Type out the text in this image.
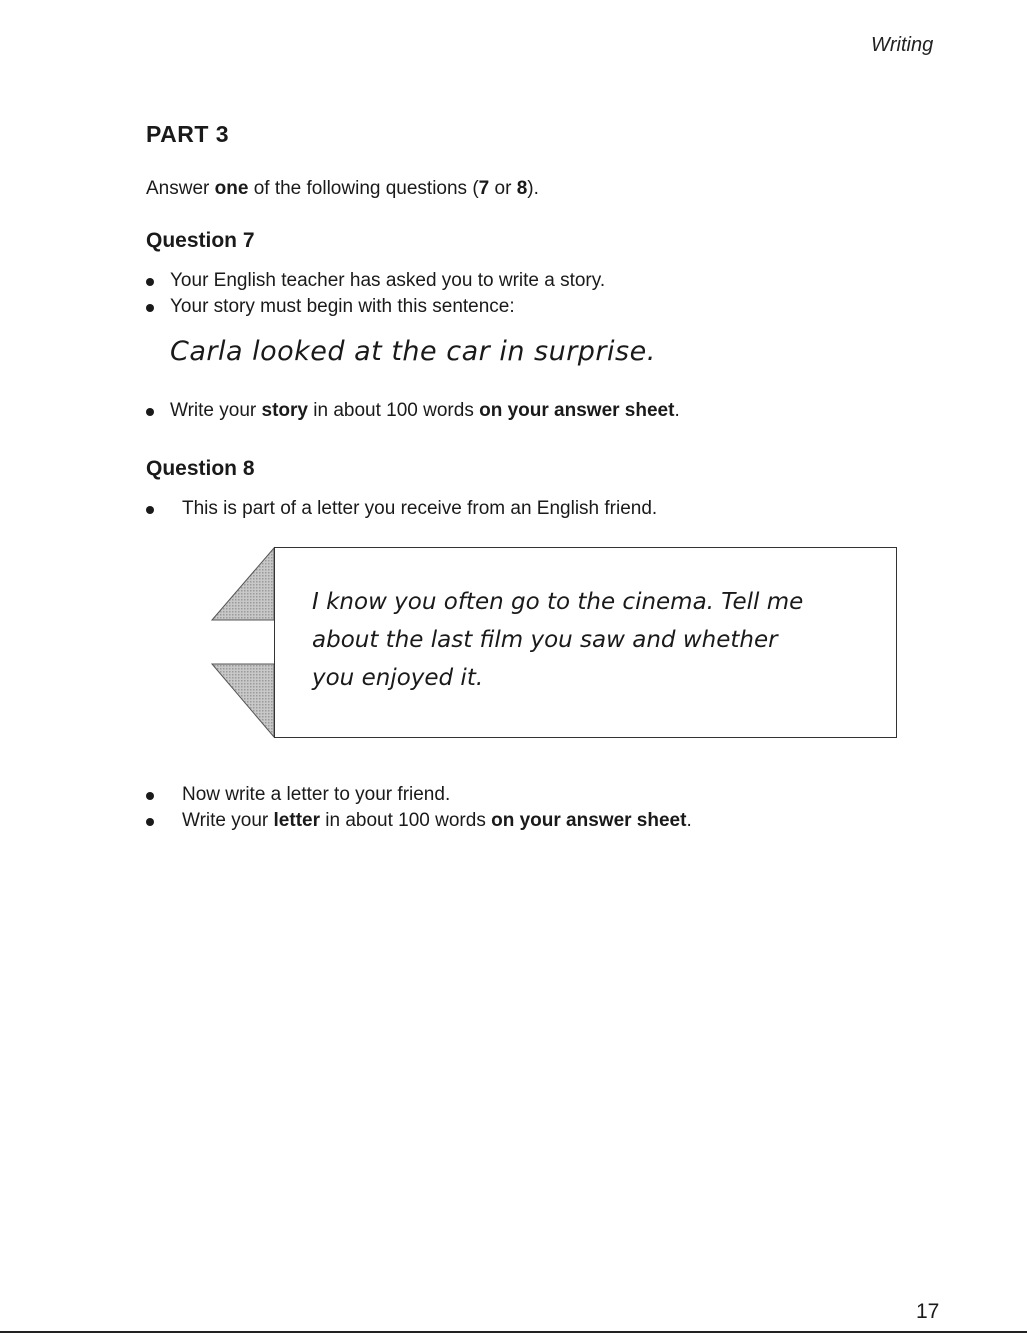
Writing
PART 3
Answer one of the following questions (7 or 8).
Question 7
Your English teacher has asked you to write a story.
Your story must begin with this sentence:
Carla looked at the car in surprise.
Write your story in about 100 words on your answer sheet.
Question 8
This is part of a letter you receive from an English friend.
I know you often go to the cinema. Tell me
about the last film you saw and whether
you enjoyed it.
Now write a letter to your friend.
Write your letter in about 100 words on your answer sheet.
17
